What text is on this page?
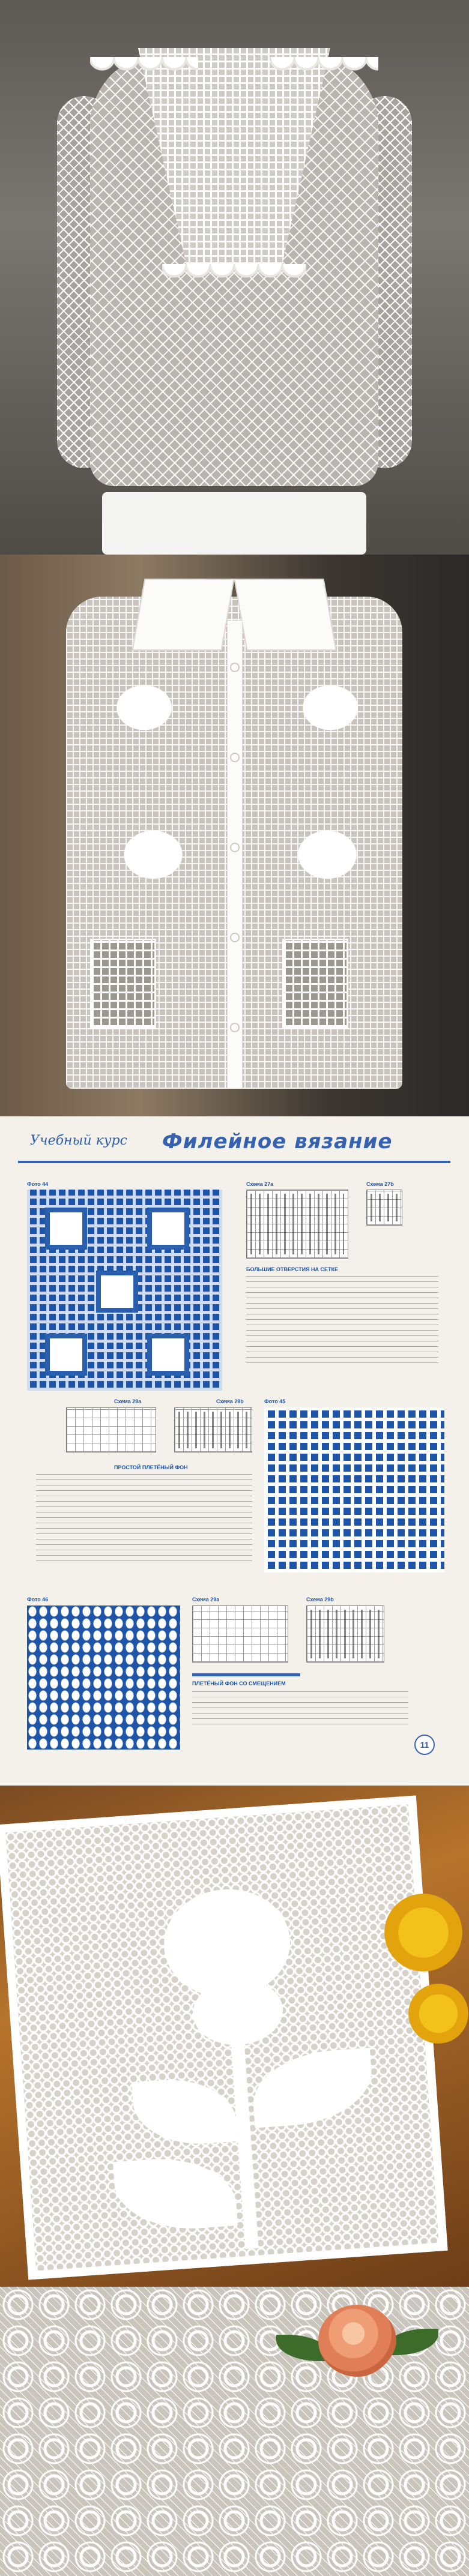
Учебный курс Филейное вязание
Фото 44	Схема 27а	Схема 27b
БОЛЬШИЕ ОТВЕРСТИЯ НА СЕТКЕ
Схема 28а	Схема 28b	Фото 45
ПРОСТОЙ ПЛЕТЁНЫЙ ФОН
Фото 46	Схема 29а	Схема 29b
ПЛЕТЁНЫЙ ФОН СО СМЕЩЕНИЕМ
11
